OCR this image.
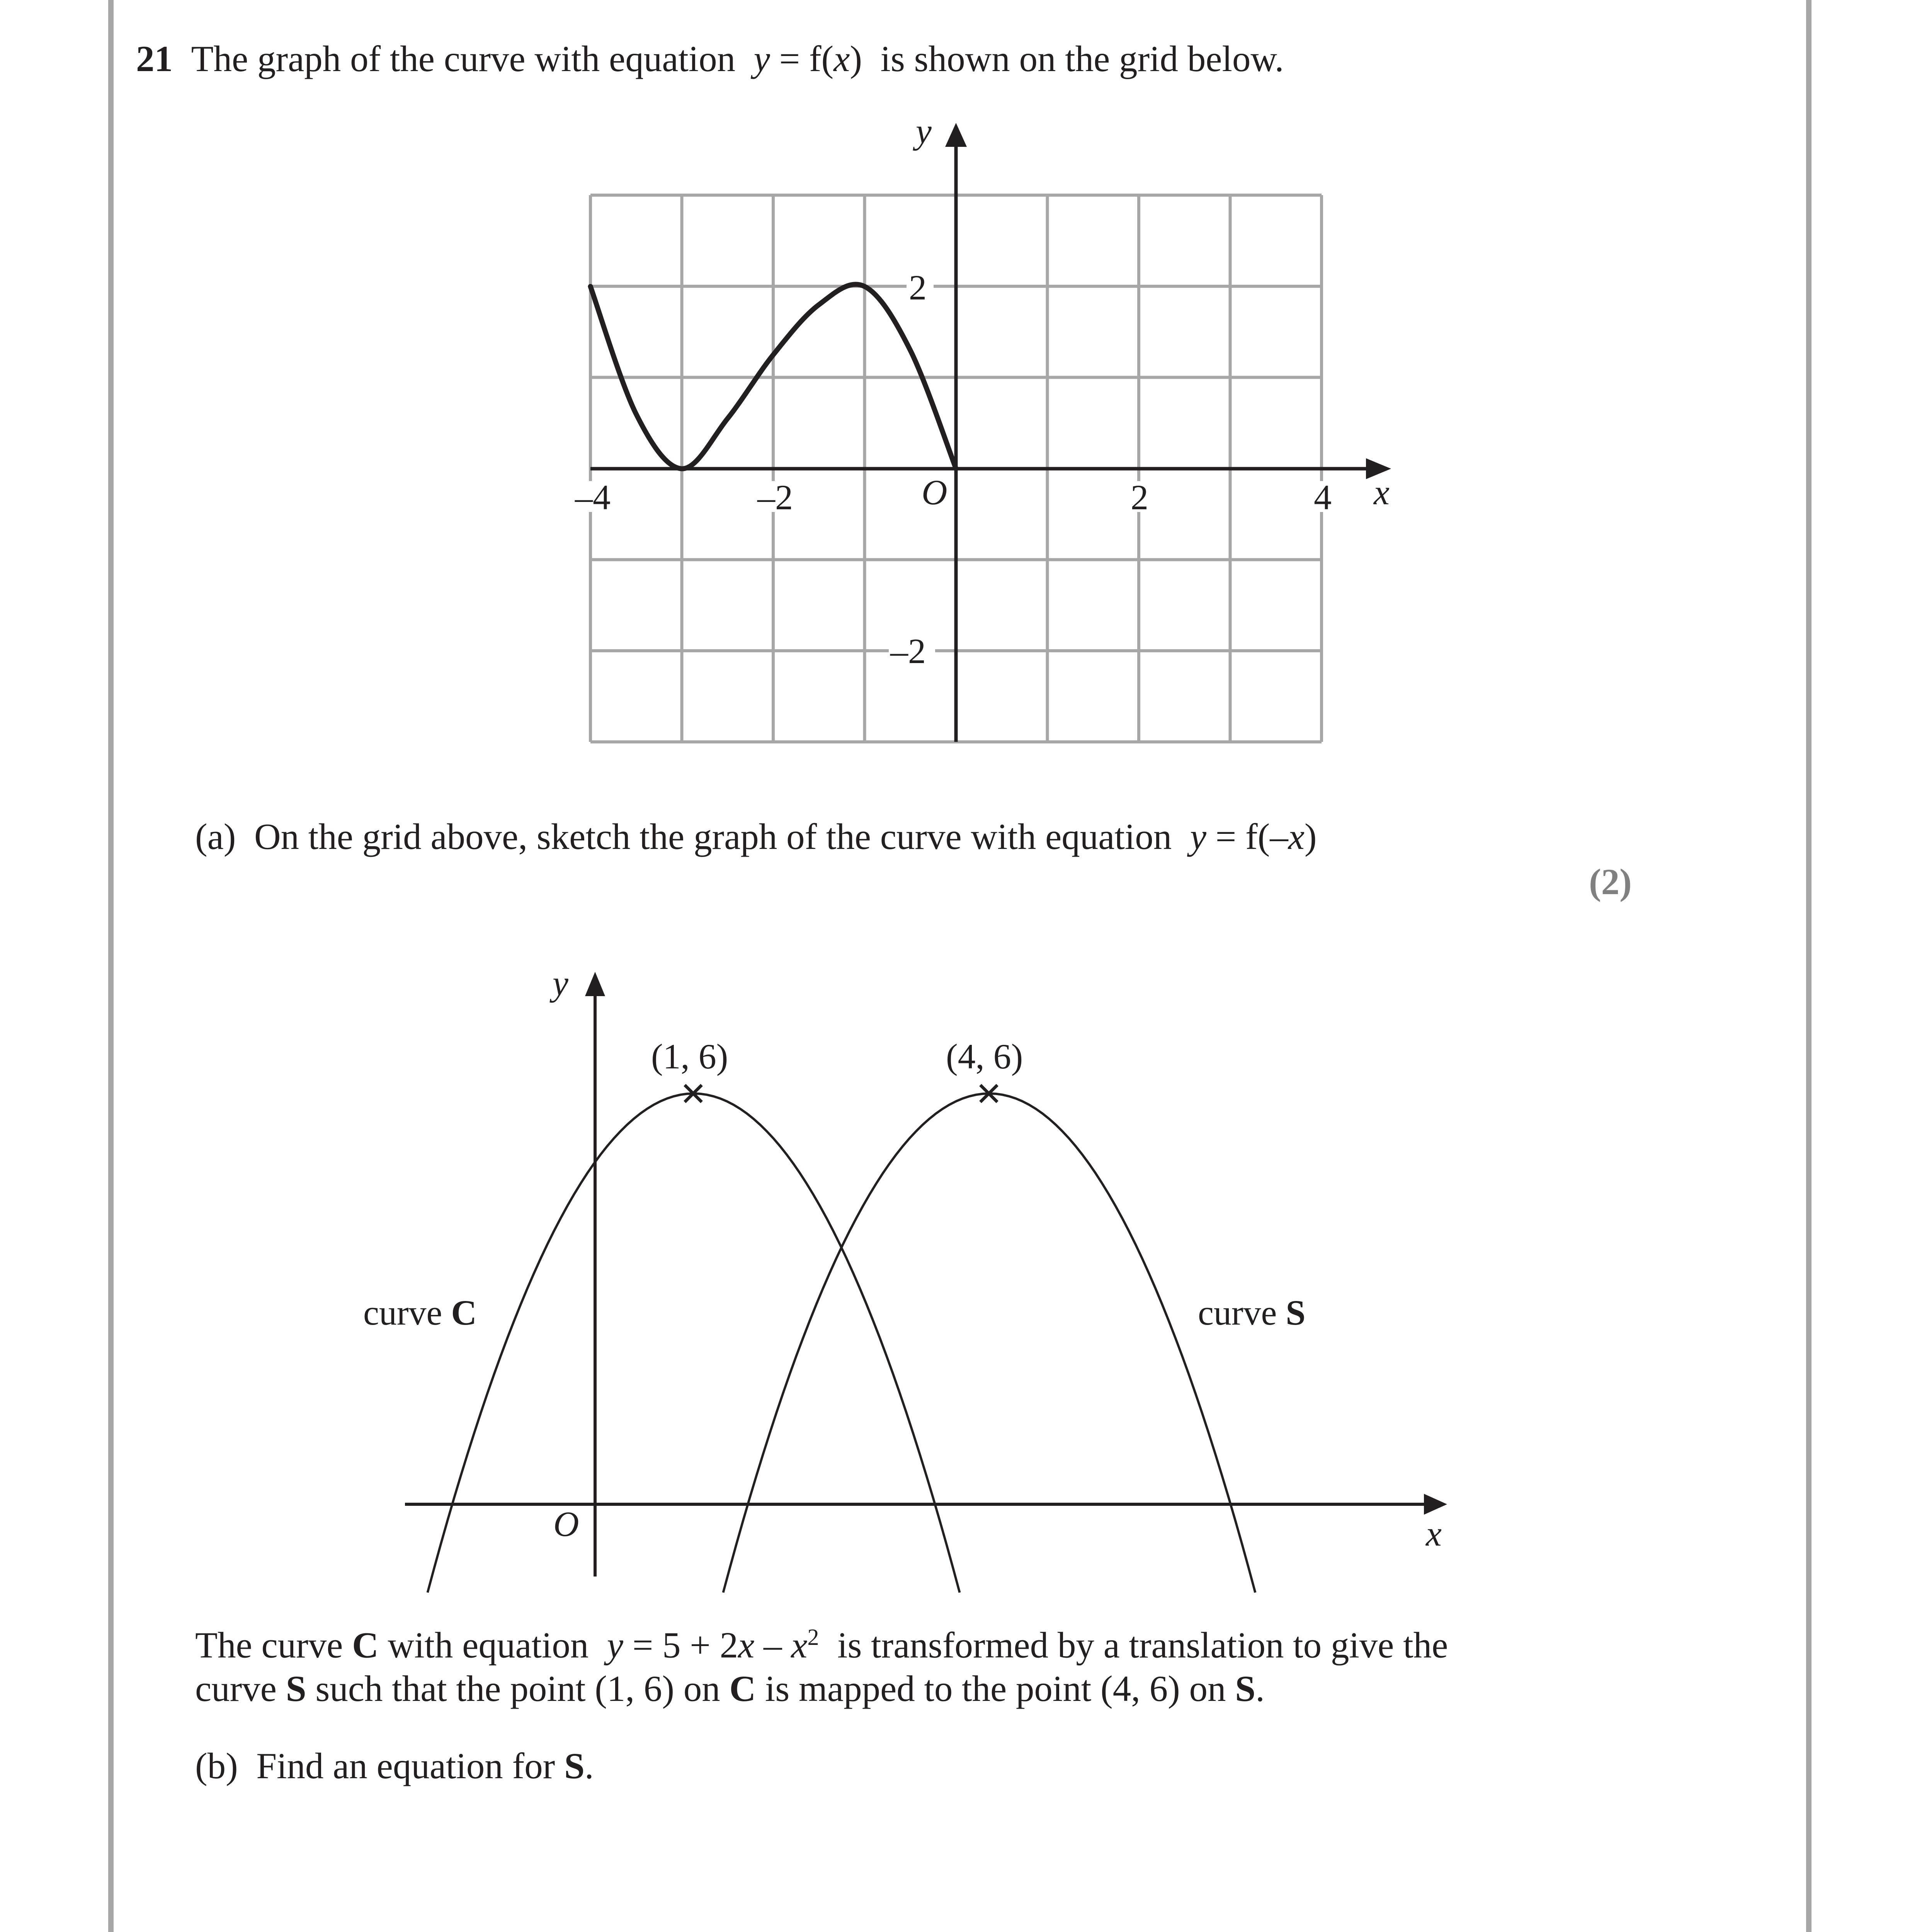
21 The graph of the curve with equation y = f(x) is shown on the grid below.
y
x
O
–4	–2	2	4
2
–2
y
x
O
(1, 6)	(4, 6)
curve C	curve S
(a) On the grid above, sketch the graph of the curve with equation y = f(–x)
(2)
The curve C with equation $y = 5 + 2x - x^2$ is transformed by a translation to give the
curve S such that the point (1, 6) on C is mapped to the point (4, 6) on S.
(b) Find an equation for S.
